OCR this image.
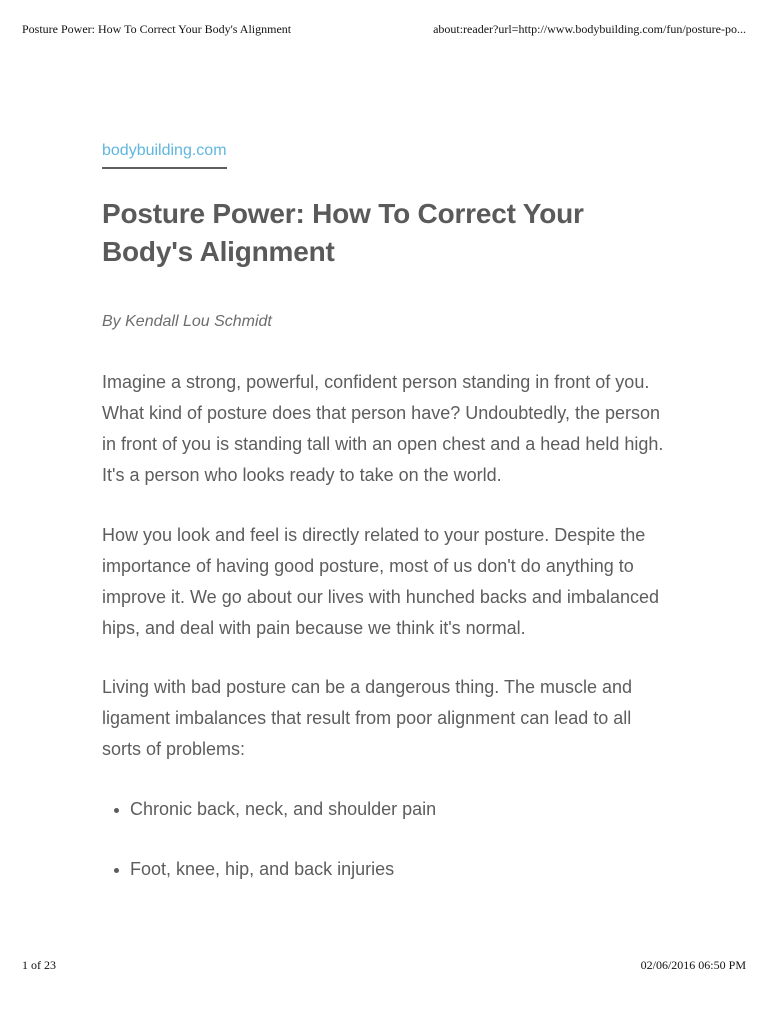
Posture Power: How To Correct Your Body's Alignment	about:reader?url=http://www.bodybuilding.com/fun/posture-po...
bodybuilding.com
Posture Power: How To Correct Your Body's Alignment
By Kendall Lou Schmidt

Imagine a strong, powerful, confident person standing in front of you. What kind of posture does that person have? Undoubtedly, the person in front of you is standing tall with an open chest and a head held high. It's a person who looks ready to take on the world.

How you look and feel is directly related to your posture. Despite the importance of having good posture, most of us don't do anything to improve it. We go about our lives with hunched backs and imbalanced hips, and deal with pain because we think it's normal.

Living with bad posture can be a dangerous thing. The muscle and ligament imbalances that result from poor alignment can lead to all sorts of problems:

Chronic back, neck, and shoulder pain
Foot, knee, hip, and back injuries
1 of 23	02/06/2016 06:50 PM
